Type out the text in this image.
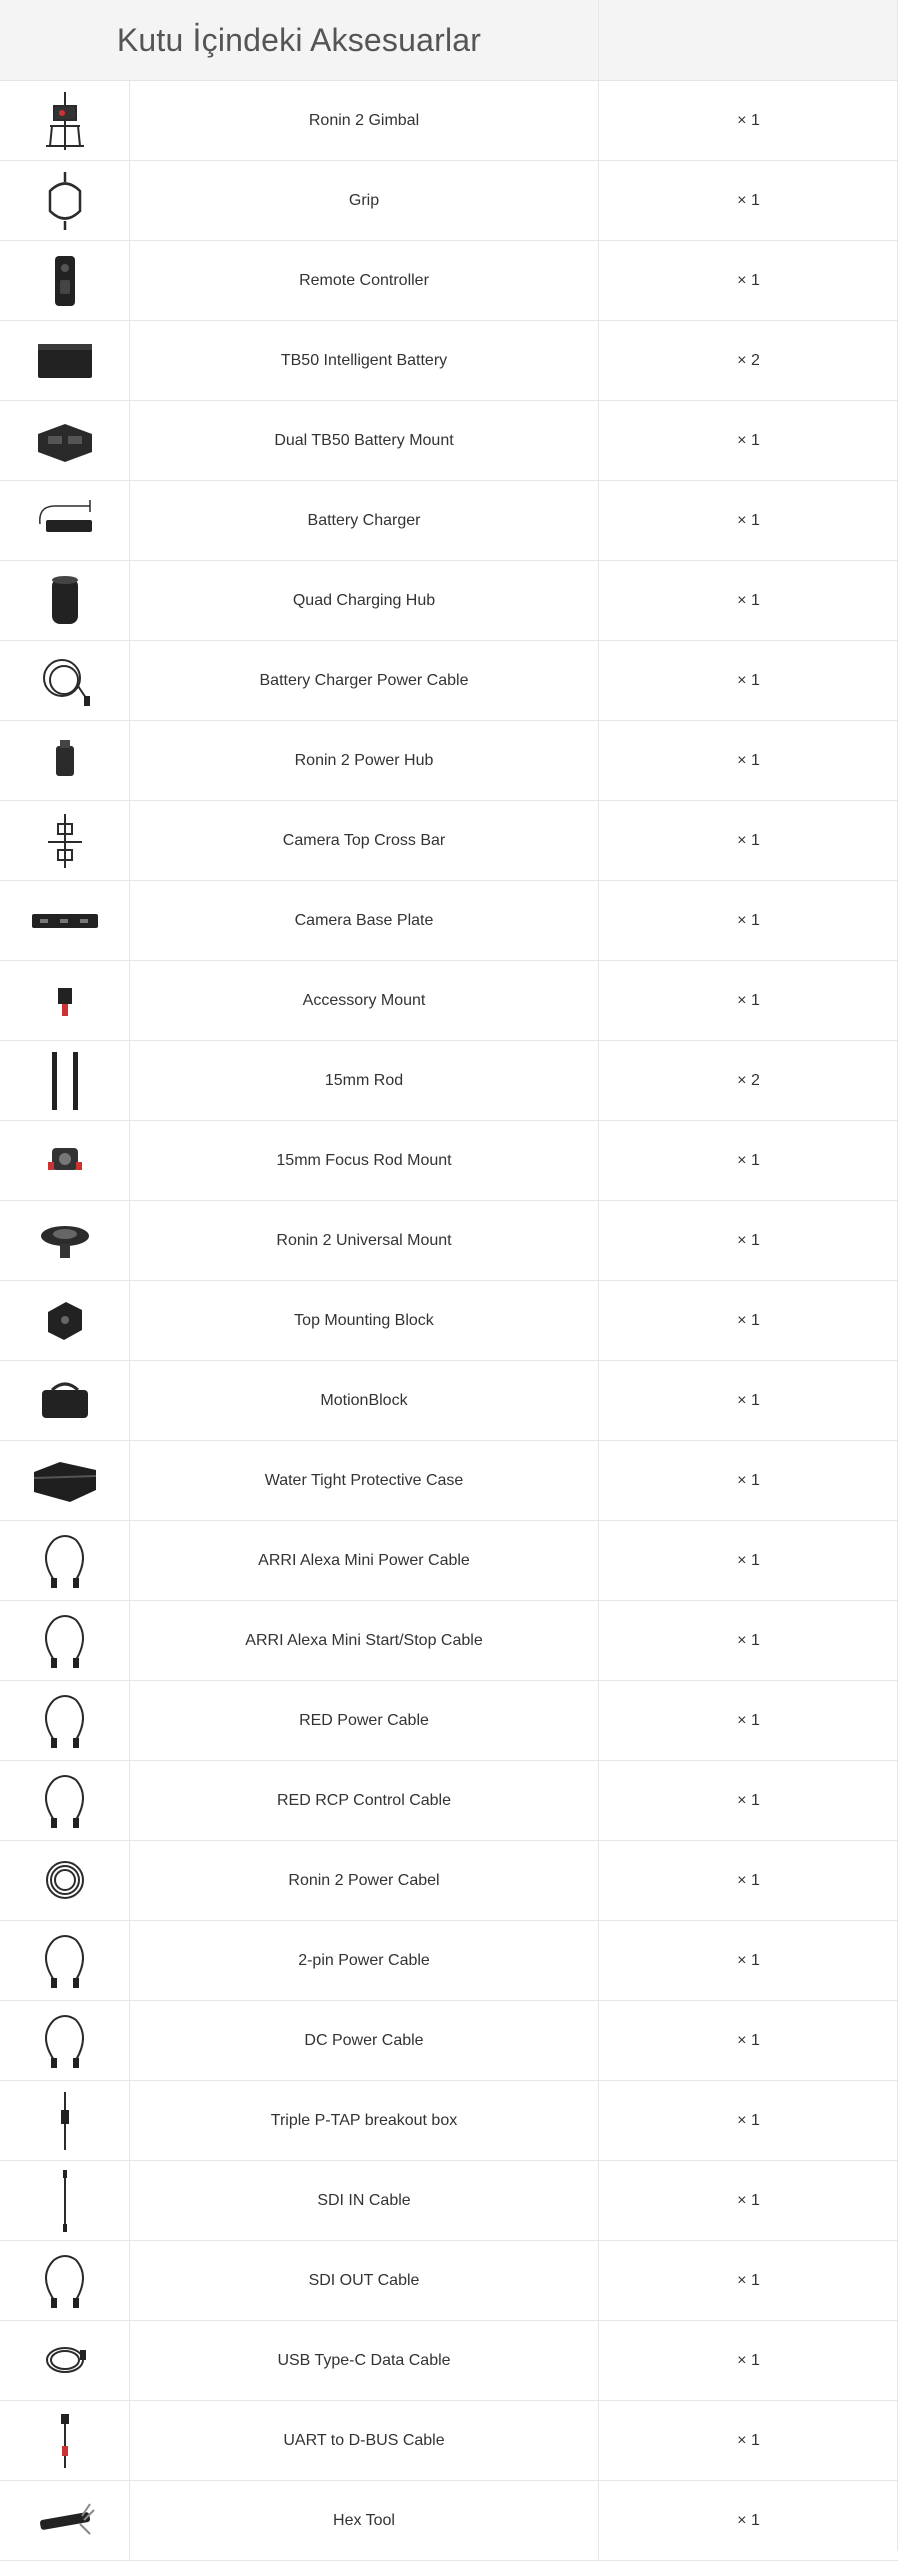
Kutu İçindeki Aksesuarlar
Ronin 2 Gimbal	× 1
Grip	× 1
Remote Controller	× 1
TB50 Intelligent Battery	× 2
Dual TB50 Battery Mount	× 1
Battery Charger	× 1
Quad Charging Hub	× 1
Battery Charger Power Cable	× 1
Ronin 2 Power Hub	× 1
Camera Top Cross Bar	× 1
Camera Base Plate	× 1
Accessory Mount	× 1
15mm Rod	× 2
15mm Focus Rod Mount	× 1
Ronin 2 Universal Mount	× 1
Top Mounting Block	× 1
MotionBlock	× 1
Water Tight Protective Case	× 1
ARRI Alexa Mini Power Cable	× 1
ARRI Alexa Mini Start/Stop Cable	× 1
RED Power Cable	× 1
RED RCP Control Cable	× 1
Ronin 2 Power Cabel	× 1
2-pin Power Cable	× 1
DC Power Cable	× 1
Triple P-TAP breakout box	× 1
SDI IN Cable	× 1
SDI OUT Cable	× 1
USB Type-C Data Cable	× 1
UART to D-BUS Cable	× 1
Hex Tool	× 1
